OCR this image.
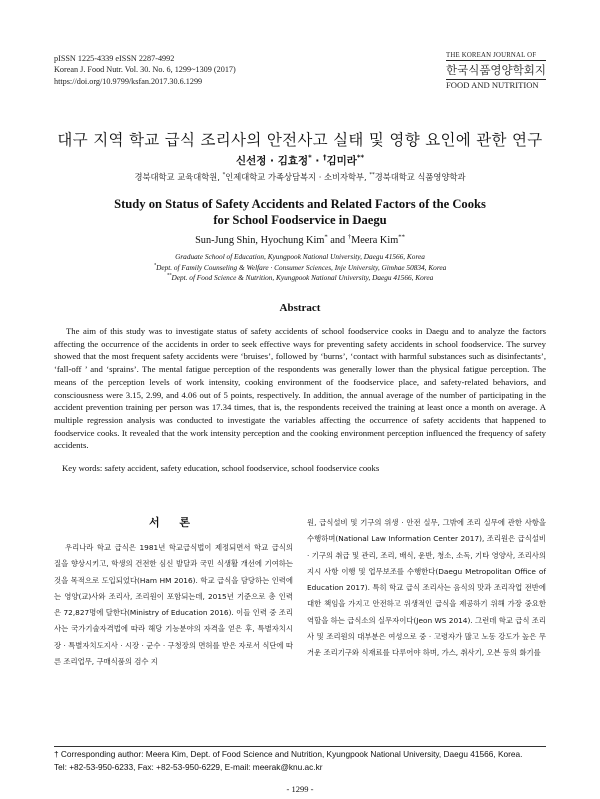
pISSN 1225-4339 eISSN 2287-4992
Korean J. Food Nutr. Vol. 30. No. 6, 1299~1309 (2017)
https://doi.org/10.9799/ksfan.2017.30.6.1299
THE KOREAN JOURNAL OF
한국식품영양학회지
FOOD AND NUTRITION
대구 지역 학교 급식 조리사의 안전사고 실태 및 영향 요인에 관한 연구
신선정 · 김효정* · †김미라**
경북대학교 교육대학원, *인제대학교 가족상담복지 · 소비자학부, **경북대학교 식품영양학과
Study on Status of Safety Accidents and Related Factors of the Cooks
for School Foodservice in Daegu
Sun-Jung Shin, Hyochung Kim* and †Meera Kim**
Graduate School of Education, Kyungpook National University, Daegu 41566, Korea
*Dept. of Family Counseling & Welfare · Consumer Sciences, Inje University, Gimhae 50834, Korea
**Dept. of Food Science & Nutrition, Kyungpook National University, Daegu 41566, Korea
Abstract
The aim of this study was to investigate status of safety accidents of school foodservice cooks in Daegu and to analyze the factors affecting the occurrence of the accidents in order to seek effective ways for preventing safety accidents in school foodservice. The survey showed that the most frequent safety accidents were ‘bruises’, followed by ‘burns’, ‘contact with harmful substances such as disinfectants’, ‘fall-off ’ and ‘sprains’. The mental fatigue perception of the respondents was generally lower than the physical fatigue perception. The means of the perception levels of work intensity, cooking environment of the foodservice place, and safety-related behaviors, and consciousness were 3.15, 2.99, and 4.06 out of 5 points, respectively. In addition, the annual average of the number of participating in the accident prevention training per person was 17.34 times, that is, the respondents received the training at least once a month on average. A multiple regression analysis was conducted to investigate the variables affecting the occurrence of safety accidents that happened to foodservice cooks. It revealed that the work intensity perception and the cooking environment perception influenced the frequency of safety accidents.
Key words: safety accident, safety education, school foodservice, school foodservice cooks
서 론

우리나라 학교 급식은 1981년 학교급식법이 제정되면서 학교 급식의 질을 향상시키고, 학생의 건전한 심신 발달과 국민 식생활 개선에 기여하는 것을 목적으로 도입되었다(Ham HM 2016). 학교 급식을 담당하는 인력에는 영양(교)사와 조리사, 조리원이 포함되는데, 2015년 기준으로 총 인력은 72,827명에 달한다(Ministry of Education 2016). 이들 인력 중 조리사는 국가기술자격법에 따라 해당 기능분야의 자격을 얻은 후, 특별자치시장 · 특별자치도지사 · 시장 · 군수 · 구청장의 면허를 받은 자로서 식단에 따른 조리업무, 구매식품의 검수 지

원, 급식설비 및 기구의 위생 · 안전 실무, 그밖에 조리 실무에 관한 사항을 수행하며(National Law Information Center 2017), 조리원은 급식설비 · 기구의 취급 및 관리, 조리, 배식, 운반, 청소, 소독, 기타 영양사, 조리사의 지시 사항 이행 및 업무보조를 수행한다(Daegu Metropolitan Office of Education 2017). 특히 학교 급식 조리사는 음식의 맛과 조리작업 전반에 대한 책임을 가지고 안전하고 위생적인 급식을 제공하기 위해 가장 중요한 역할을 하는 급식소의 실무자이다(Jeon WS 2014). 그런데 학교 급식 조리사 및 조리원의 대부분은 여성으로 중 · 고령자가 많고 노동 강도가 높은 무거운 조리기구와 식재료를 다루어야 하며, 가스, 취사기, 오븐 등의 화기를

† Corresponding author: Meera Kim, Dept. of Food Science and Nutrition, Kyungpook National University, Daegu 41566, Korea.
Tel: +82-53-950-6233, Fax: +82-53-950-6229, E-mail: meerak@knu.ac.kr
- 1299 -
